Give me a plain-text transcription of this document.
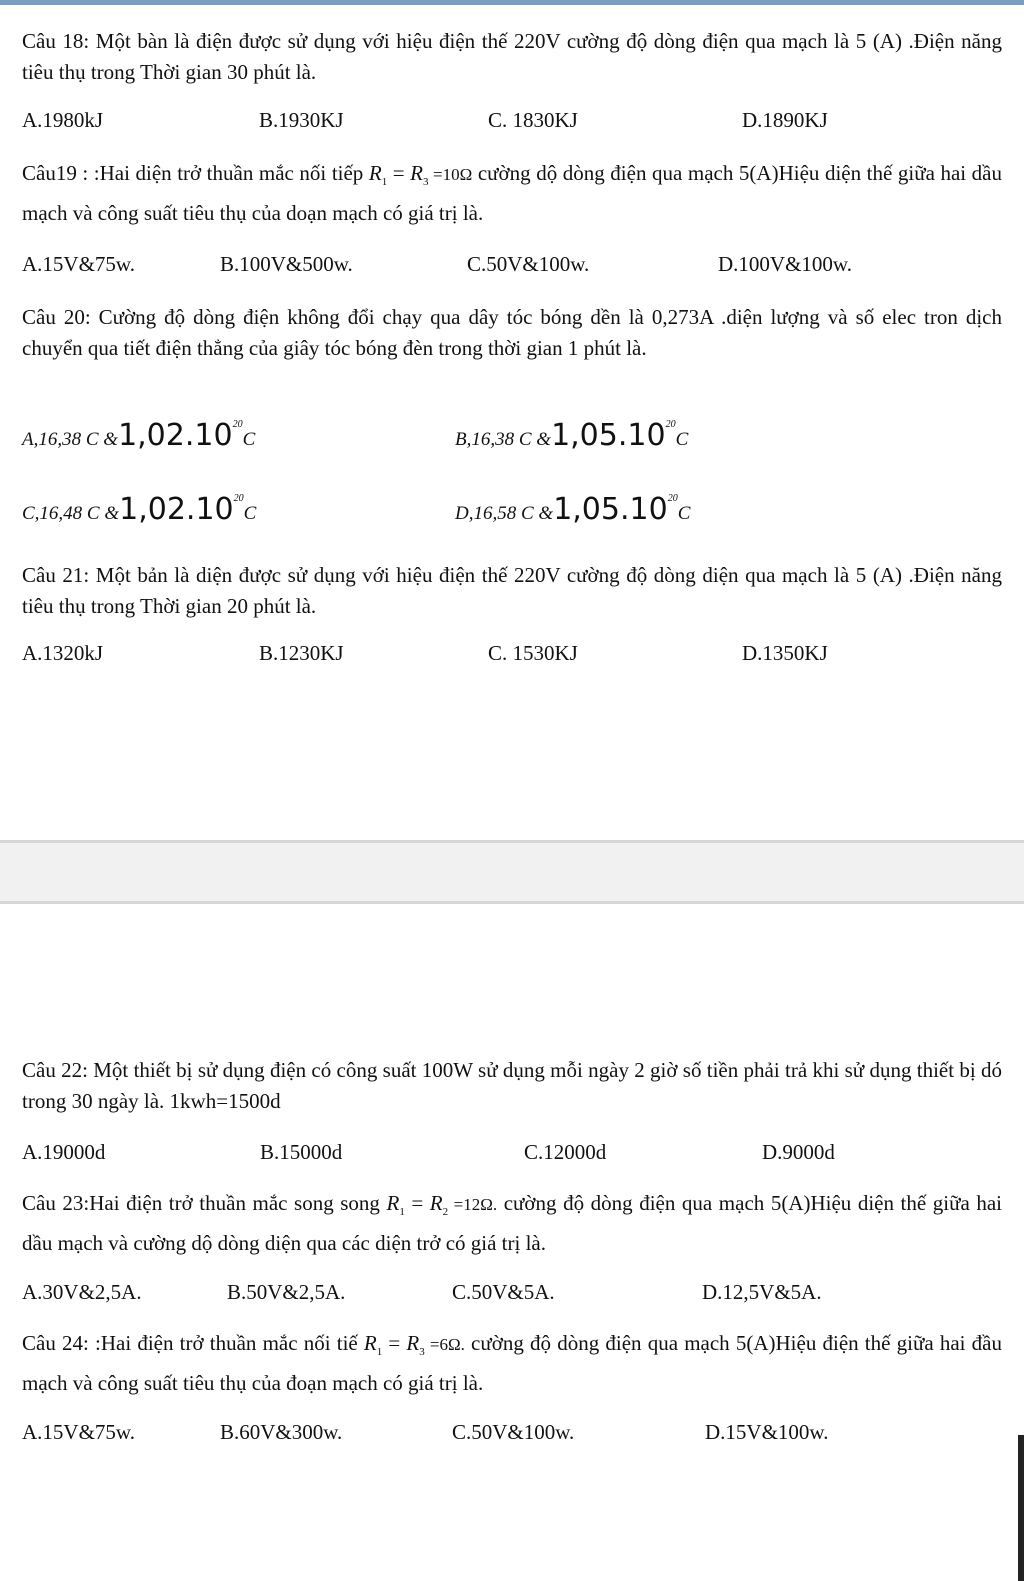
Câu 18: Một bàn là điện được sử dụng với hiệu điện thế 220V cường độ dòng điện qua mạch là 5 (A) .Điện năng tiêu thụ trong Thời gian 30 phút là.

A.1980kJ	B.1930KJ	C. 1830KJ	D.1890KJ

Câu19 : :Hai diện trở thuần mắc nối tiếp $R_1 = R_3 =10\Omega$ cường dộ dòng điện qua mạch 5(A)Hiệu diện thế giữa hai dầu mạch và công suất tiêu thụ của doạn mạch có giá trị là.

A.15V&75w.	B.100V&500w.	C.50V&100w.	D.100V&100w.

Câu 20: Cường độ dòng điện không đổi chạy qua dây tóc bóng dền là 0,273A .diện lượng và số elec tron dịch chuyển qua tiết điện thẳng của giây tóc bóng đèn trong thời gian 1 phút là.

A,16,38 C &1,02.10$^{20}$C	B,16,38 C &1,05.10$^{20}$C
C,16,48 C &1,02.10$^{20}$C	D,16,58 C &1,05.10$^{20}$C

Câu 21: Một bản là diện được sử dụng với hiệu điện thế 220V cường độ dòng diện qua mạch là 5 (A) .Điện năng tiêu thụ trong Thời gian 20 phút là.

A.1320kJ	B.1230KJ	C. 1530KJ	D.1350KJ

Câu 22: Một thiết bị sử dụng điện có công suất 100W sử dụng mỗi ngày 2 giờ số tiền phải trả khi sử dụng thiết bị dó trong 30 ngày là. 1kwh=1500d

A.19000d	B.15000d	C.12000d	D.9000d

Câu 23:Hai điện trở thuần mắc song song $R_1 = R_2 =12\Omega$. cường độ dòng điện qua mạch 5(A)Hiệu diện thế giữa hai dầu mạch và cường dộ dòng diện qua các diện trở có giá trị là.

A.30V&2,5A.	B.50V&2,5A.	C.50V&5A.	D.12,5V&5A.

Câu 24: :Hai điện trở thuần mắc nối tiế $R_1 = R_3 =6\Omega$. cường độ dòng điện qua mạch 5(A)Hiệu điện thế giữa hai đầu mạch và công suất tiêu thụ của đoạn mạch có giá trị là.

A.15V&75w.	B.60V&300w.	C.50V&100w.	D.15V&100w.
